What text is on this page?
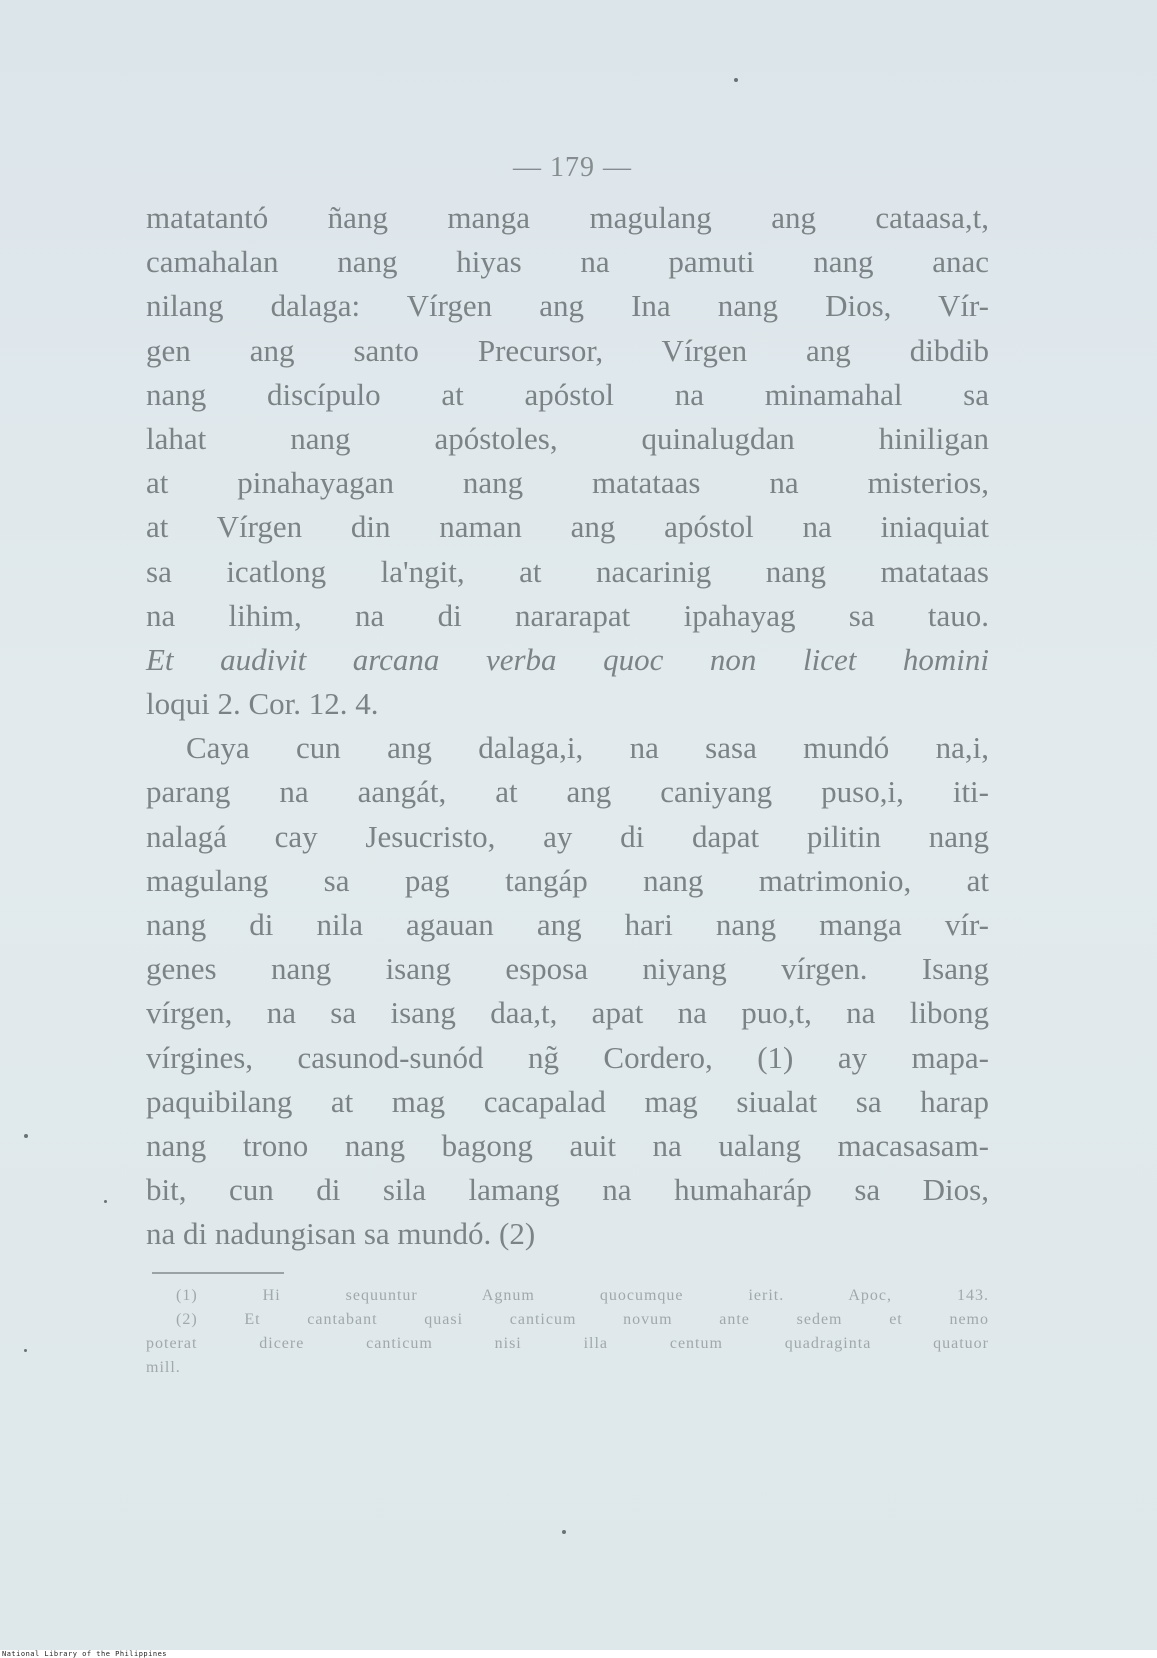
— 179 —
matatantó ñang manga magulang ang cataasa,t,
camahalan nang hiyas na pamuti nang anac
nilang dalaga: Vírgen ang Ina nang Dios, Vír-
gen ang santo Precursor, Vírgen ang dibdib
nang discípulo at apóstol na minamahal sa
lahat nang apóstoles, quinalugdan hiniligan
at pinahayagan nang matataas na misterios,
at Vírgen din naman ang apóstol na iniaquiat
sa icatlong la'ngit, at nacarinig nang matataas
na lihim, na di nararapat ipahayag sa tauo.
Et audivit arcana verba quoc non licet homini
loqui 2. Cor. 12. 4.
Caya cun ang dalaga,i, na sasa mundó na,i,
parang na aangát, at ang caniyang puso,i, iti-
nalagá cay Jesucristo, ay di dapat pilitin nang
magulang sa pag tangáp nang matrimonio, at
nang di nila agauan ang hari nang manga vír-
genes nang isang esposa niyang vírgen. Isang
vírgen, na sa isang daa,t, apat na puo,t, na libong
vírgines, casunod-sunód ng̃ Cordero, (1) ay mapa-
paquibilang at mag cacapalad mag siualat sa harap
nang trono nang bagong auit na ualang macasasam-
bit, cun di sila lamang na humaharáp sa Dios,
na di nadungisan sa mundó. (2)
(1) Hi sequuntur Agnum quocumque ierit. Apoc, 143.
(2) Et cantabant quasi canticum novum ante sedem et nemo
poterat dicere canticum nisi illa centum quadraginta quatuor
mill.
National Library of the Philippines
